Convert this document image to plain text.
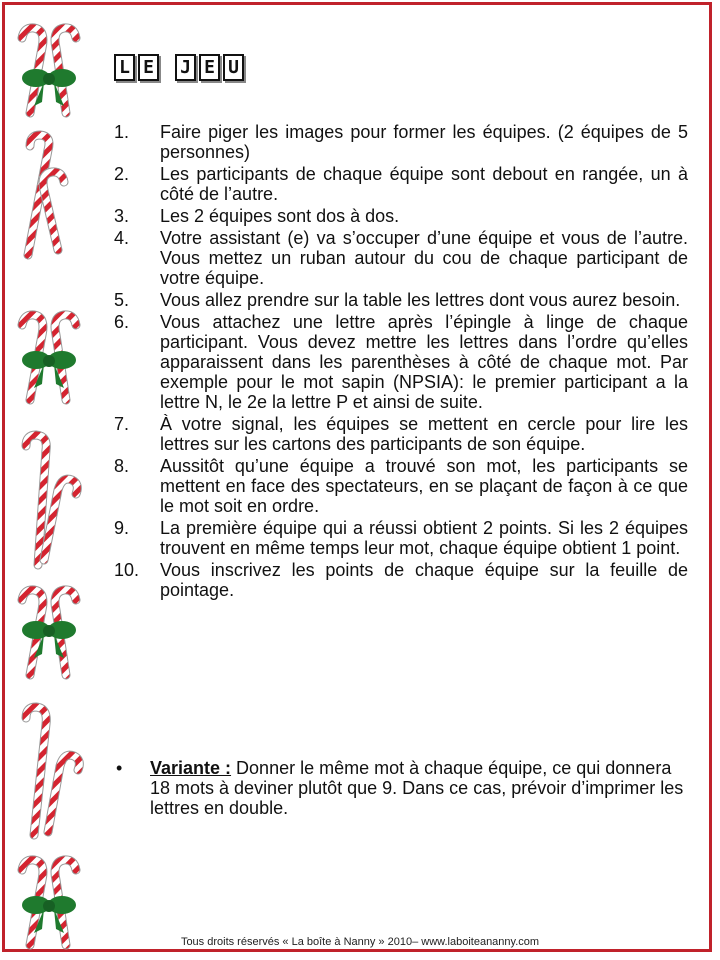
L E J E U
1.	Faire piger les images pour former les équipes. (2 équipes de 5 personnes)
2.	Les participants de chaque équipe sont debout en rangée, un à côté de l’autre.
3.	Les 2 équipes sont dos à dos.
4.	Votre assistant (e) va s’occuper d’une équipe et vous de l’autre. Vous mettez un ruban autour du cou de chaque participant de votre équipe.
5.	Vous allez prendre sur la table les lettres dont vous aurez besoin.
6.	Vous attachez une lettre après l’épingle à linge de chaque participant. Vous devez mettre les lettres dans l’ordre qu’elles apparaissent dans les parenthèses à côté de chaque mot. Par exemple pour le mot sapin (NPSIA): le premier participant a la lettre N, le 2e la lettre P et ainsi de suite.
7.	À votre signal, les équipes se mettent en cercle pour lire les lettres sur les cartons des participants de son équipe.
8.	Aussitôt qu’une équipe a trouvé son mot, les participants se mettent en face des spectateurs, en se plaçant de façon à ce que le mot soit en ordre.
9.	La première équipe qui a réussi obtient 2 points. Si les 2 équipes trouvent en même temps leur mot, chaque équipe obtient 1 point.
10.	Vous inscrivez les points de chaque équipe sur la feuille de pointage.
•	Variante : Donner le même mot à chaque équipe, ce qui donnera 18 mots à deviner plutôt que 9. Dans ce cas, prévoir d’imprimer les lettres en double.
Tous droits réservés « La boîte à Nanny » 2010– www.laboiteananny.com
